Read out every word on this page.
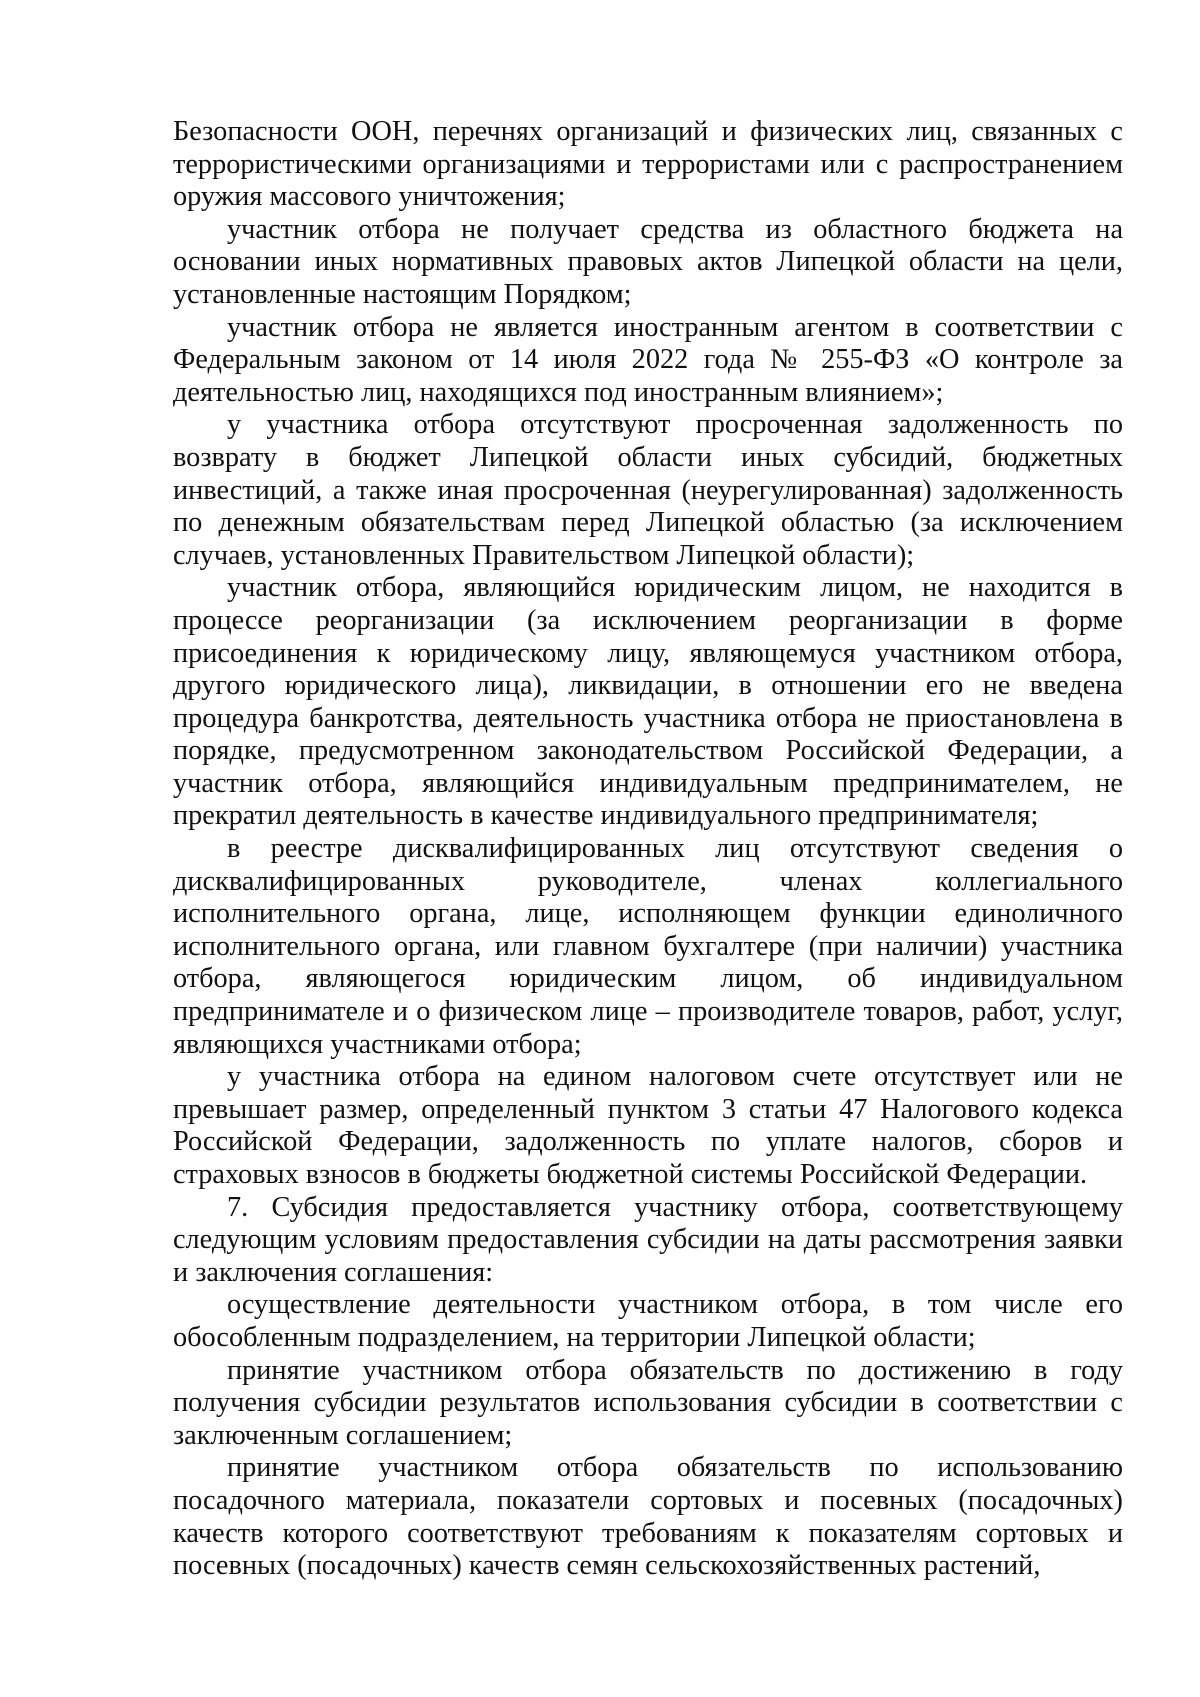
Безопасности ООН, перечнях организаций и физических лиц, связанных с террористическими организациями и террористами или с распространением оружия массового уничтожения;

участник отбора не получает средства из областного бюджета на основании иных нормативных правовых актов Липецкой области на цели, установленные настоящим Порядком;

участник отбора не является иностранным агентом в соответствии с Федеральным законом от 14 июля 2022 года № 255-ФЗ «О контроле за деятельностью лиц, находящихся под иностранным влиянием»;

у участника отбора отсутствуют просроченная задолженность по возврату в бюджет Липецкой области иных субсидий, бюджетных инвестиций, а также иная просроченная (неурегулированная) задолженность по денежным обязательствам перед Липецкой областью (за исключением случаев, установленных Правительством Липецкой области);

участник отбора, являющийся юридическим лицом, не находится в процессе реорганизации (за исключением реорганизации в форме присоединения к юридическому лицу, являющемуся участником отбора, другого юридического лица), ликвидации, в отношении его не введена процедура банкротства, деятельность участника отбора не приостановлена в порядке, предусмотренном законодательством Российской Федерации, а участник отбора, являющийся индивидуальным предпринимателем, не прекратил деятельность в качестве индивидуального предпринимателя;

в реестре дисквалифицированных лиц отсутствуют сведения о дисквалифицированных руководителе, членах коллегиального исполнительного органа, лице, исполняющем функции единоличного исполнительного органа, или главном бухгалтере (при наличии) участника отбора, являющегося юридическим лицом, об индивидуальном предпринимателе и о физическом лице – производителе товаров, работ, услуг, являющихся участниками отбора;

у участника отбора на едином налоговом счете отсутствует или не превышает размер, определенный пунктом 3 статьи 47 Налогового кодекса Российской Федерации, задолженность по уплате налогов, сборов и страховых взносов в бюджеты бюджетной системы Российской Федерации.

7. Субсидия предоставляется участнику отбора, соответствующему следующим условиям предоставления субсидии на даты рассмотрения заявки и заключения соглашения:

осуществление деятельности участником отбора, в том числе его обособленным подразделением, на территории Липецкой области;

принятие участником отбора обязательств по достижению в году получения субсидии результатов использования субсидии в соответствии с заключенным соглашением;

принятие участником отбора обязательств по использованию посадочного материала, показатели сортовых и посевных (посадочных) качеств которого соответствуют требованиям к показателям сортовых и посевных (посадочных) качеств семян сельскохозяйственных растений,
